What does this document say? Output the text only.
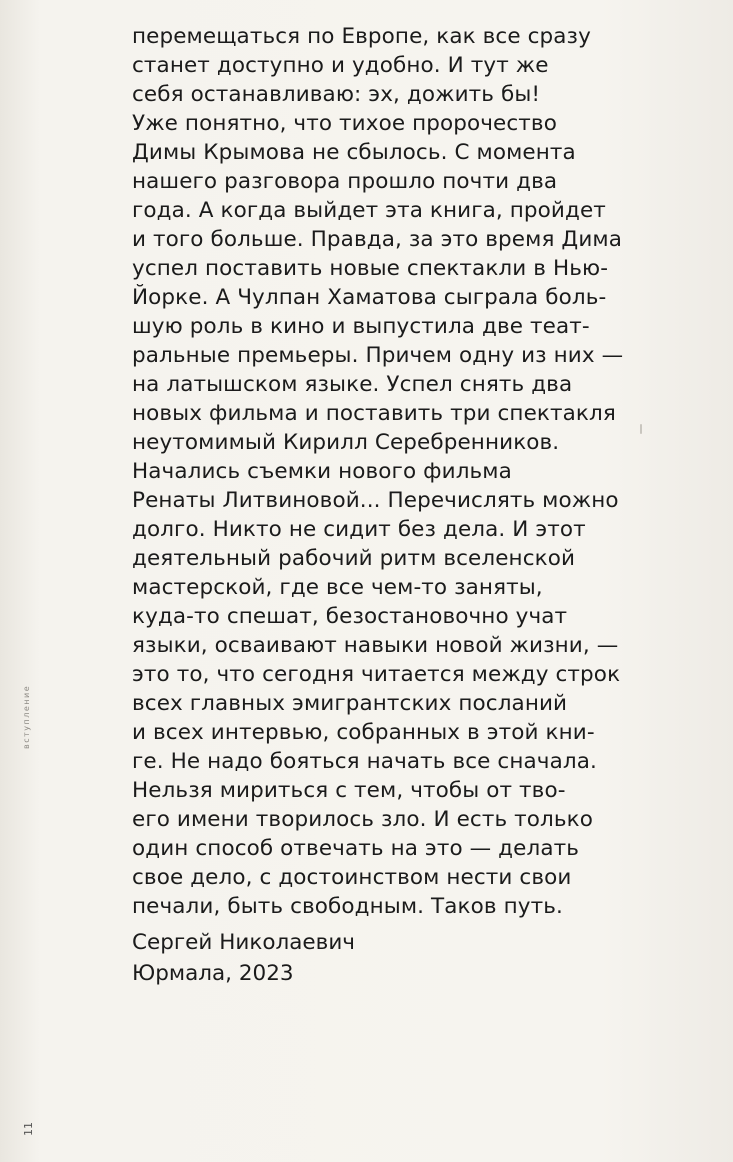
перемещаться по Европе, как все сразу
станет доступно и удобно. И тут же
себя останавливаю: эх, дожить бы!
Уже понятно, что тихое пророчество
Димы Крымова не сбылось. С момента
нашего разговора прошло почти два
года. А когда выйдет эта книга, пройдет
и того больше. Правда, за это время Дима
успел поставить новые спектакли в Нью-
Йорке. А Чулпан Хаматова сыграла боль-
шую роль в кино и выпустила две теат-
ральные премьеры. Причем одну из них —
на латышском языке. Успел снять два
новых фильма и поставить три спектакля
неутомимый Кирилл Серебренников.
Начались съемки нового фильма
Ренаты Литвиновой... Перечислять можно
долго. Никто не сидит без дела. И этот
деятельный рабочий ритм вселенской
мастерской, где все чем-то заняты,
куда-то спешат, безостановочно учат
языки, осваивают навыки новой жизни, —
это то, что сегодня читается между строк
всех главных эмигрантских посланий
и всех интервью, собранных в этой кни-
ге. Не надо бояться начать все сначала.
Нельзя мириться с тем, чтобы от тво-
его имени творилось зло. И есть только
один способ отвечать на это — делать
свое дело, с достоинством нести свои
печали, быть свободным. Таков путь.
Сергей Николаевич
Юрмала, 2023
вступление
11
